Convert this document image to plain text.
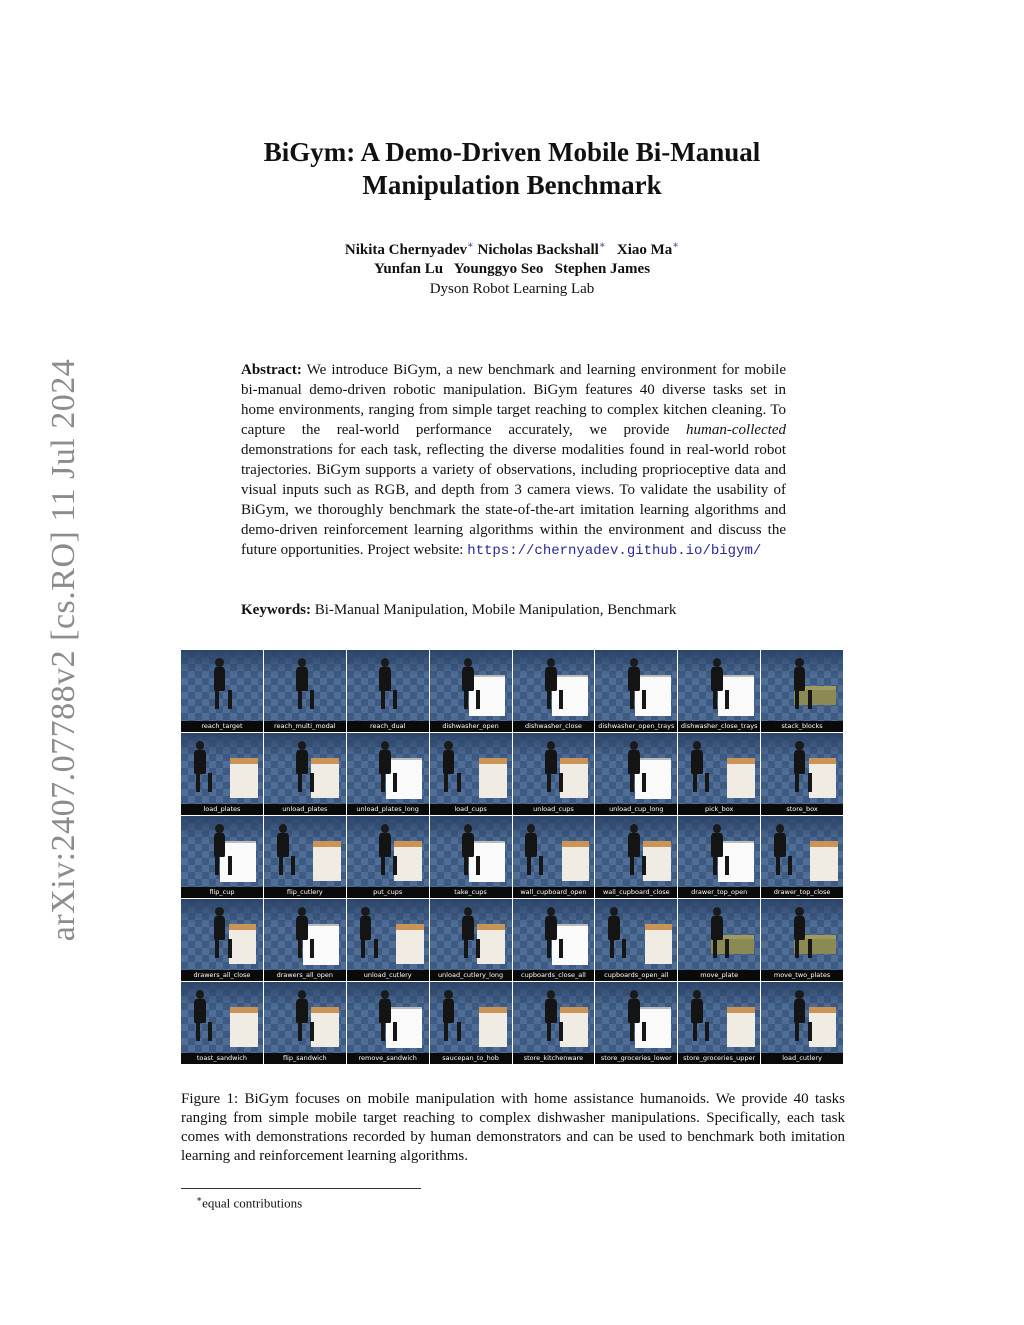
arXiv:2407.07788v2 [cs.RO] 11 Jul 2024
BiGym: A Demo-Driven Mobile Bi-Manual
Manipulation Benchmark
Nikita Chernyadev∗ Nicholas Backshall∗ Xiao Ma∗
Yunfan Lu Younggyo Seo Stephen James
Dyson Robot Learning Lab
Abstract: We introduce BiGym, a new benchmark and learning environment for mobile bi-manual demo-driven robotic manipulation. BiGym features 40 diverse tasks set in home environments, ranging from simple target reaching to complex kitchen cleaning. To capture the real-world performance accurately, we provide human-collected demonstrations for each task, reflecting the diverse modalities found in real-world robot trajectories. BiGym supports a variety of observations, including proprioceptive data and visual inputs such as RGB, and depth from 3 camera views. To validate the usability of BiGym, we thoroughly benchmark the state-of-the-art imitation learning algorithms and demo-driven reinforcement learning algorithms within the environment and discuss the future opportunities. Project website: https://chernyadev.github.io/bigym/
Keywords: Bi-Manual Manipulation, Mobile Manipulation, Benchmark
reach_target	reach_multi_modal	reach_dual	dishwasher_open	dishwasher_close	dishwasher_open_trays	dishwasher_close_trays	stack_blocks
load_plates	unload_plates	unload_plates_long	load_cups	unload_cups	unload_cup_long	pick_box	store_box
flip_cup	flip_cutlery	put_cups	take_cups	wall_cupboard_open	wall_cupboard_close	drawer_top_open	drawer_top_close
drawers_all_close	drawers_all_open	unload_cutlery	unload_cutlery_long	cupboards_close_all	cupboards_open_all	move_plate	move_two_plates
toast_sandwich	flip_sandwich	remove_sandwich	saucepan_to_hob	store_kitchenware	store_groceries_lower	store_groceries_upper	load_cutlery
Figure 1: BiGym focuses on mobile manipulation with home assistance humanoids. We provide 40 tasks ranging from simple mobile target reaching to complex dishwasher manipulations. Specifically, each task comes with demonstrations recorded by human demonstrators and can be used to benchmark both imitation learning and reinforcement learning algorithms.
∗equal contributions
